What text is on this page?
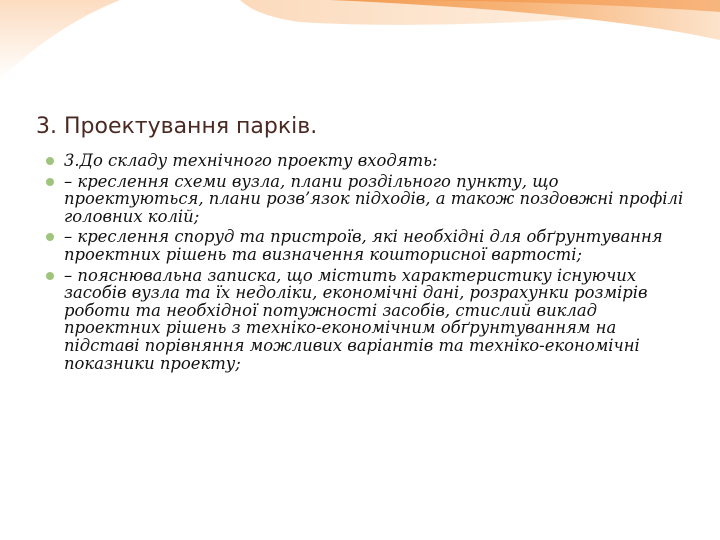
3. Проектування парків.
3.До складу технічного проекту входять:
– креслення схеми вузла, плани роздільного пункту, що проектуються, плани розв’язок підходів, а також поздовжні профілі головних колій;
– креслення споруд та пристроїв, які необхідні для обґрунтування проектних рішень та визначення кошторисної вартості;
– пояснювальна записка, що містить характеристику існуючих засобів вузла та їх недоліки, економічні дані, розрахунки розмірів роботи та необхідної потужності засобів, стислий виклад проектних рішень з техніко-економічним обґрунтуванням на підставі порівняння можливих варіантів та техніко-економічні показники проекту;
